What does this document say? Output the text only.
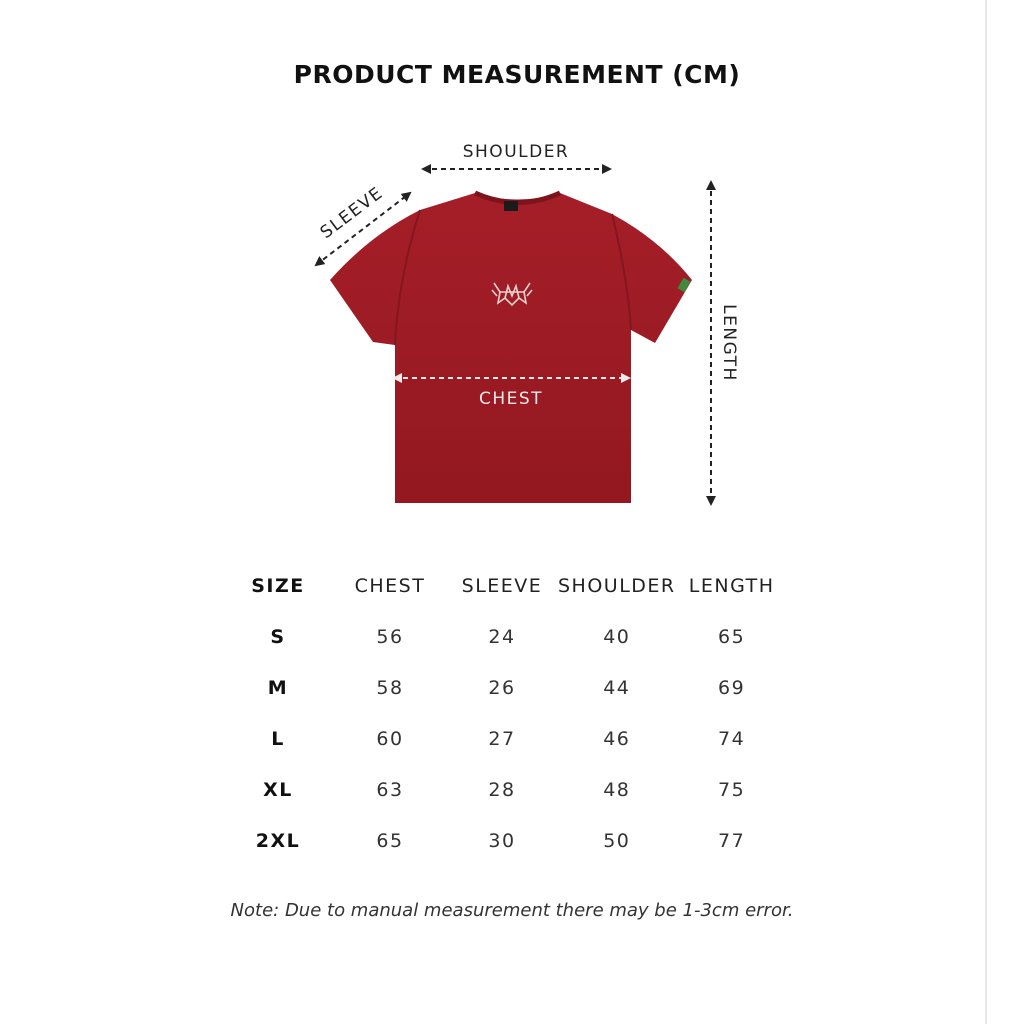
PRODUCT MEASUREMENT (CM)
SHOULDER
SLEEVE
LENGTH
CHEST
SIZE	CHEST	SLEEVE	SHOULDER	LENGTH
S	56	24	40	65
M	58	26	44	69
L	60	27	46	74
XL	63	28	48	75
2XL	65	30	50	77
Note: Due to manual measurement there may be 1-3cm error.
